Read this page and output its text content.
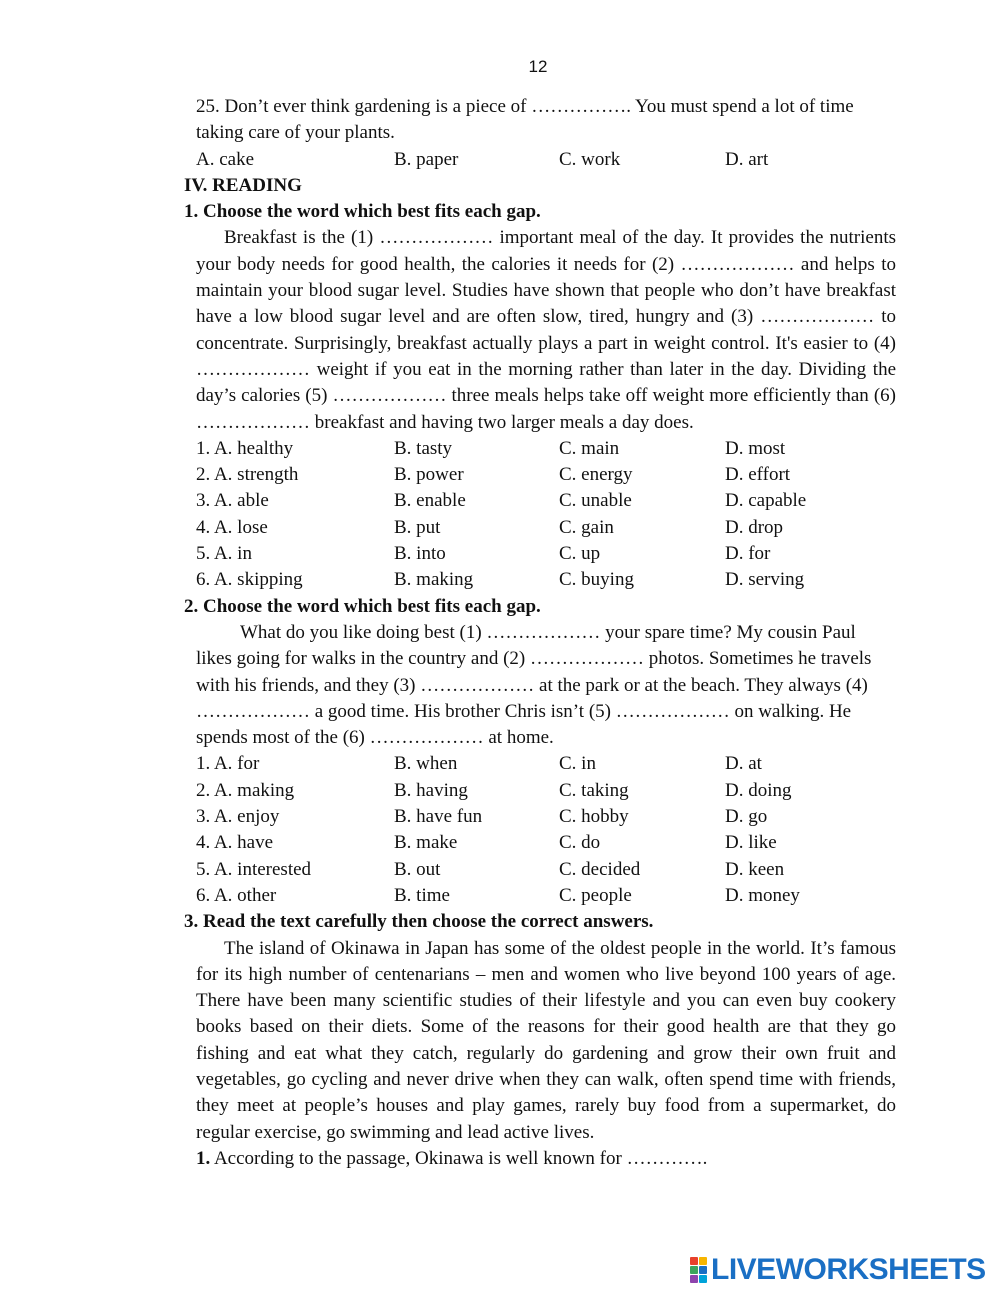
12
25. Don’t ever think gardening is a piece of ……………. You must spend a lot of time
taking care of your plants.
A. cake	B. paper	C. work	D. art
IV. READING
1. Choose the word which best fits each gap.

Breakfast is the (1) ……………… important meal of the day. It provides the nutrients your body needs for good health, the calories it needs for (2) ……………… and helps to maintain your blood sugar level. Studies have shown that people who don’t have breakfast have a low blood sugar level and are often slow, tired, hungry and (3) ……………… to concentrate. Surprisingly, breakfast actually plays a part in weight control. It's easier to (4) ……………… weight if you eat in the morning rather than later in the day. Dividing the day’s calories (5) ……………… three meals helps take off weight more efficiently than (6) ……………… breakfast and having two larger meals a day does.

1. A. healthy	B. tasty	C. main	D. most
2. A. strength	B. power	C. energy	D. effort
3. A. able	B. enable	C. unable	D. capable
4. A. lose	B. put	C. gain	D. drop
5. A. in	B. into	C. up	D. for
6. A. skipping	B. making	C. buying	D. serving
2. Choose the word which best fits each gap.

What do you like doing best (1) ……………… your spare time? My cousin Paul likes going for walks in the country and (2) ……………… photos. Sometimes he travels with his friends, and they (3) ……………… at the park or at the beach. They always (4) ……………… a good time. His brother Chris isn’t (5) ……………… on walking. He spends most of the (6) ……………… at home.

1. A. for	B. when	C. in	D. at
2. A. making	B. having	C. taking	D. doing
3. A. enjoy	B. have fun	C. hobby	D. go
4. A. have	B. make	C. do	D. like
5. A. interested	B. out	C. decided	D. keen
6. A. other	B. time	C. people	D. money
3. Read the text carefully then choose the correct answers.

The island of Okinawa in Japan has some of the oldest people in the world. It’s famous for its high number of centenarians – men and women who live beyond 100 years of age. There have been many scientific studies of their lifestyle and you can even buy cookery books based on their diets. Some of the reasons for their good health are that they go fishing and eat what they catch, regularly do gardening and grow their own fruit and vegetables, go cycling and never drive when they can walk, often spend time with friends, they meet at people’s houses and play games, rarely buy food from a supermarket, do regular exercise, go swimming and lead active lives.

1. According to the passage, Okinawa is well known for ………….
LIVEWORKSHEETS
